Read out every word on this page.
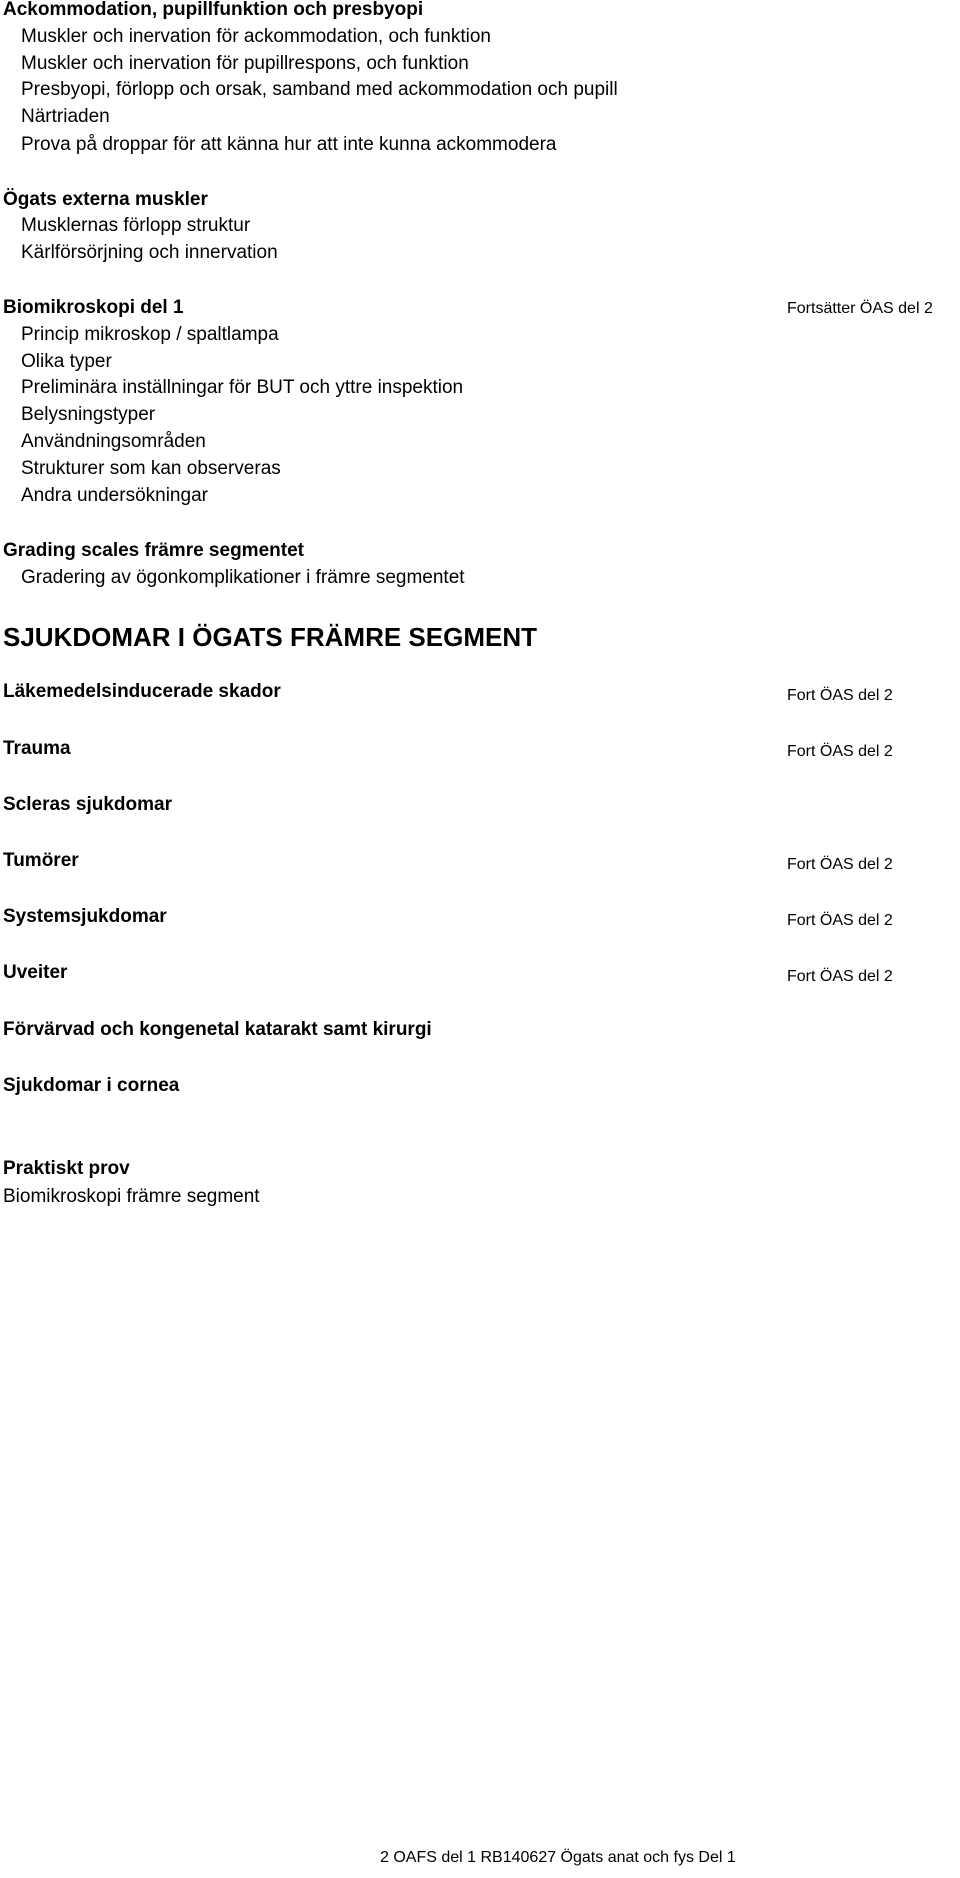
Ackommodation, pupillfunktion och presbyopi
Muskler och inervation för ackommodation, och funktion
Muskler och inervation för pupillrespons, och funktion
Presbyopi, förlopp och orsak, samband med ackommodation och pupill
Närtriaden
Prova på droppar för att känna hur att inte kunna ackommodera
Ögats externa muskler
Musklernas förlopp struktur
Kärlförsörjning och innervation
Biomikroskopi del 1	Fortsätter ÖAS del 2
Princip mikroskop / spaltlampa
Olika typer
Preliminära inställningar för BUT och yttre inspektion
Belysningstyper
Användningsområden
Strukturer som kan observeras
Andra undersökningar
Grading scales främre segmentet
Gradering av ögonkomplikationer i främre segmentet
SJUKDOMAR I ÖGATS FRÄMRE SEGMENT
Läkemedelsinducerade skador	Fort ÖAS del 2
Trauma	Fort ÖAS del 2
Scleras sjukdomar
Tumörer	Fort ÖAS del 2
Systemsjukdomar	Fort ÖAS del 2
Uveiter	Fort ÖAS del 2
Förvärvad och kongenetal katarakt samt kirurgi
Sjukdomar i cornea
Praktiskt prov
Biomikroskopi främre segment
2 OAFS del 1 RB140627 Ögats anat och fys Del 1
